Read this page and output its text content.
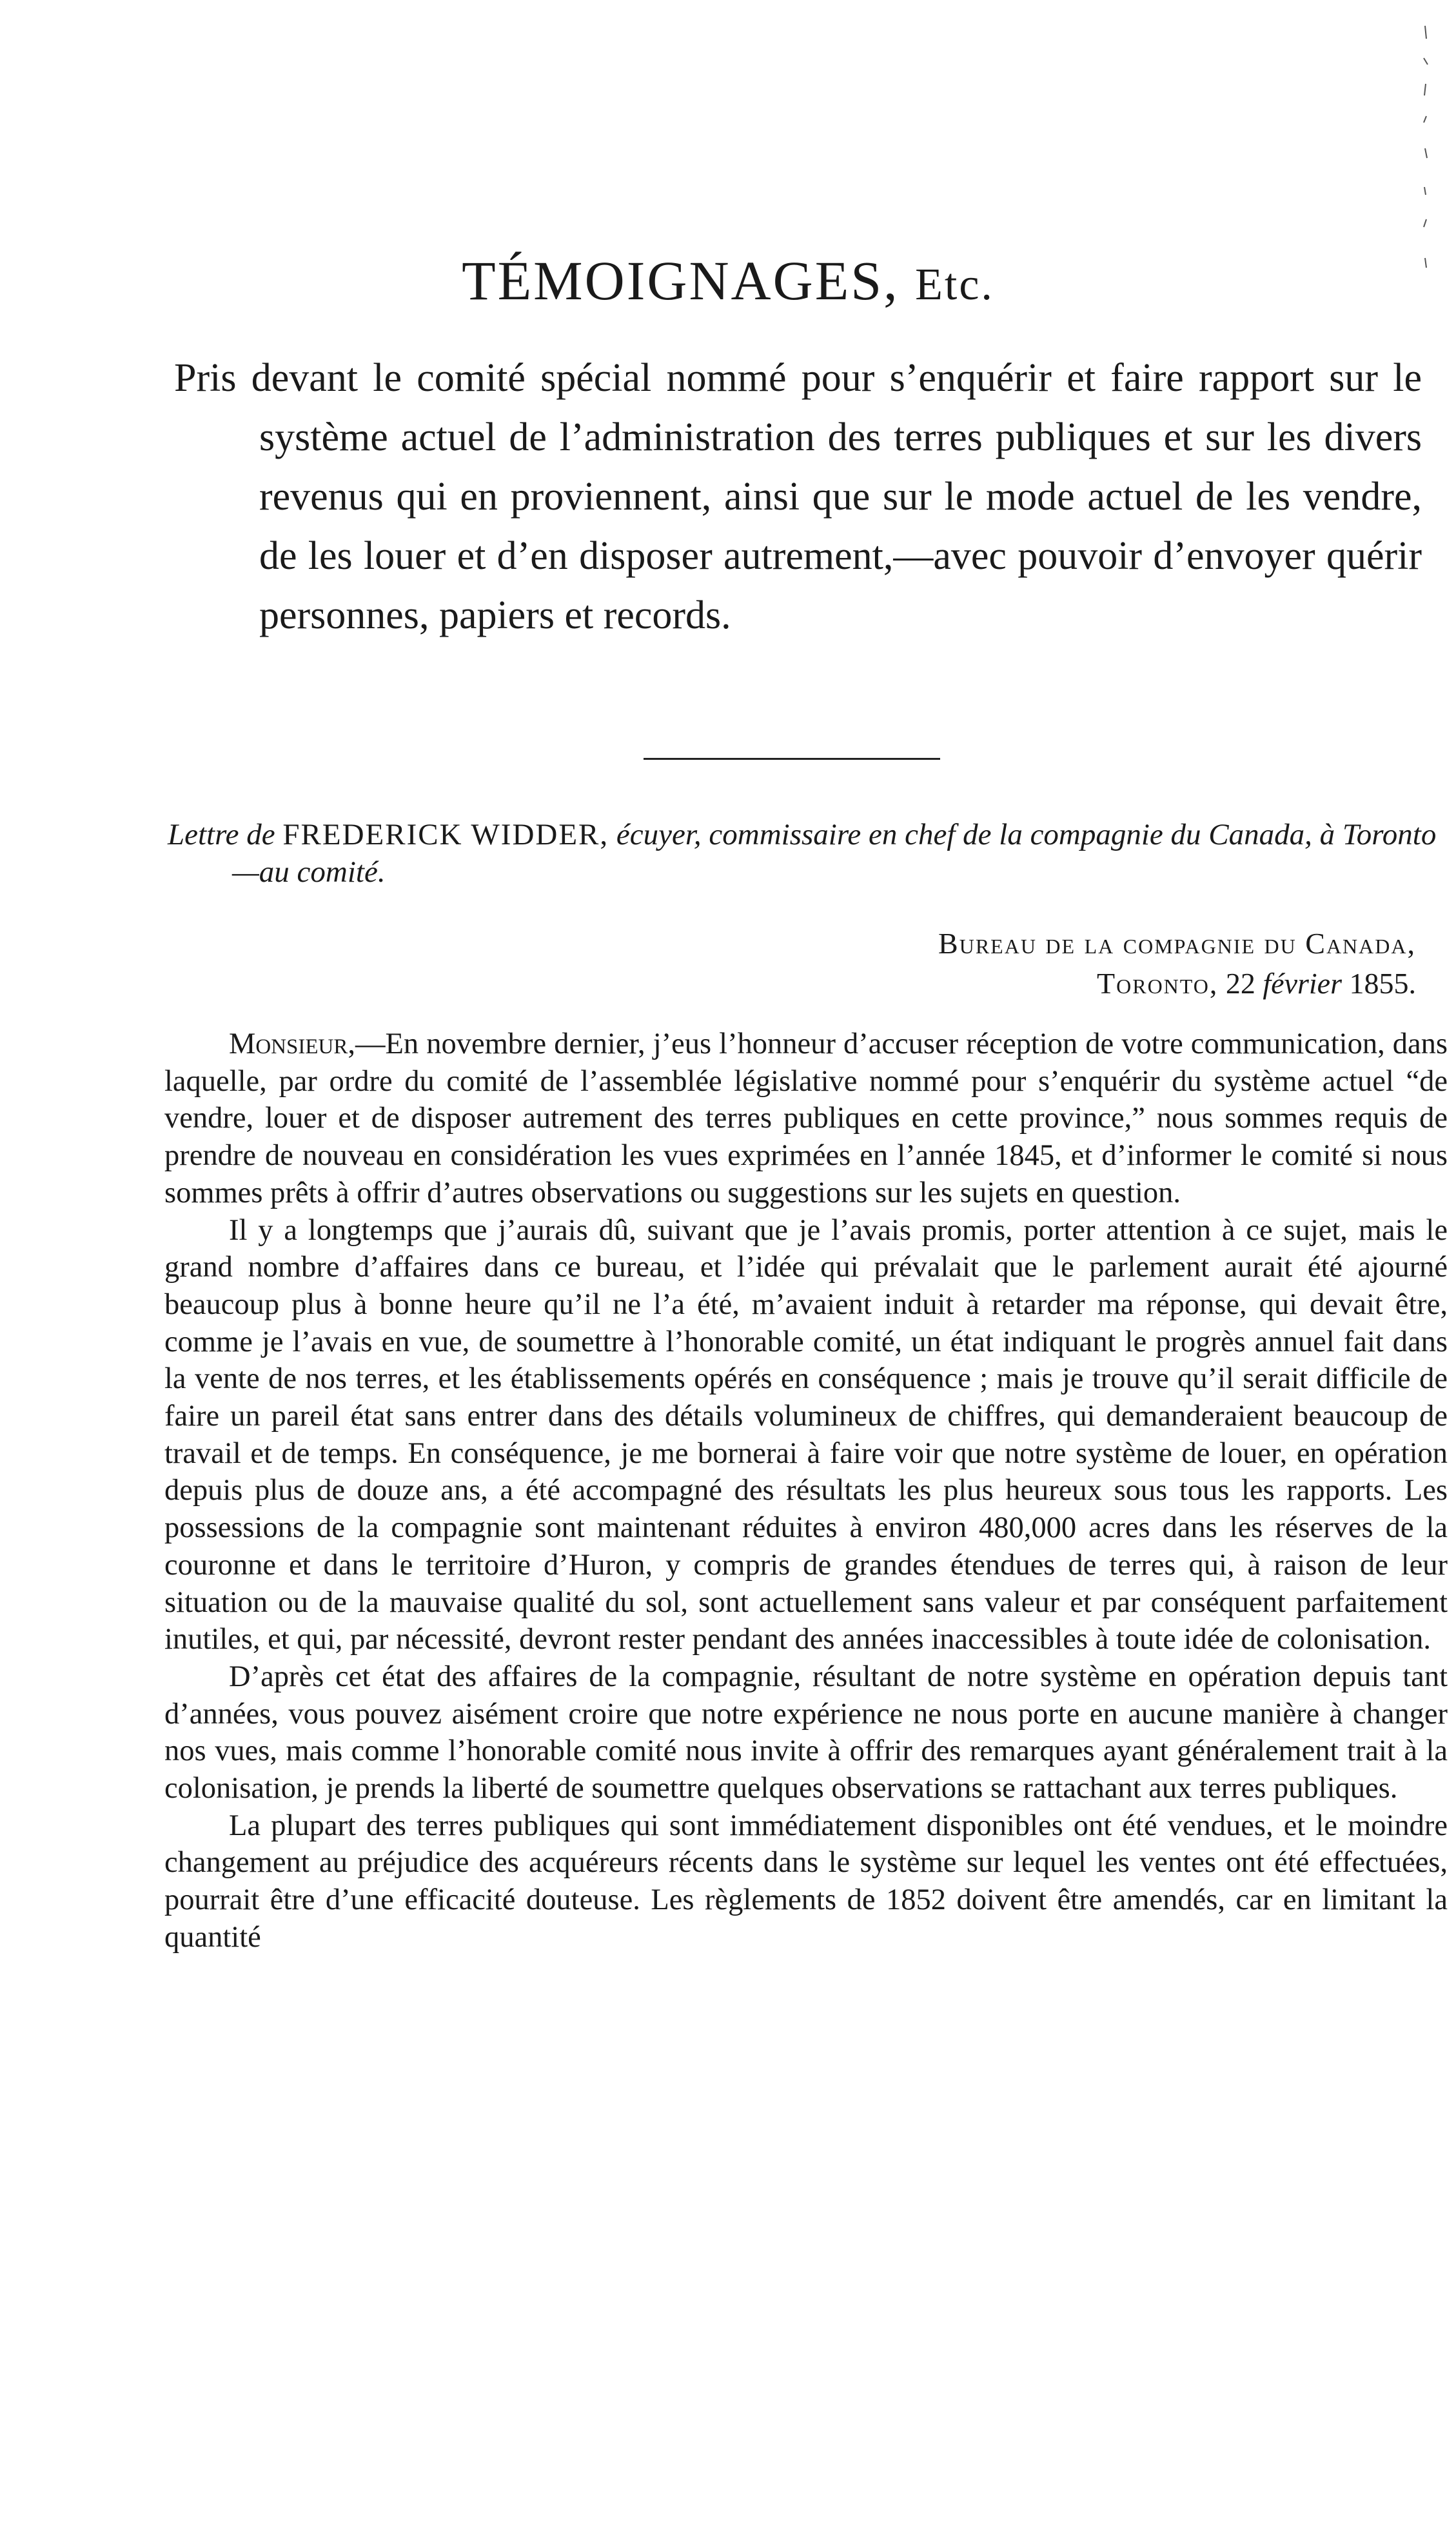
TÉMOIGNAGES, Etc.

Pris devant le comité spécial nommé pour s’enquérir et faire rapport sur le système actuel de l’administration des terres publiques et sur les divers revenus qui en proviennent, ainsi que sur le mode actuel de les vendre, de les louer et d’en disposer autrement,—avec pouvoir d’envoyer quérir personnes, papiers et records.

Lettre de FREDERICK WIDDER, écuyer, commissaire en chef de la compagnie du Canada, à Toronto—au comité.

Bureau de la compagnie du Canada,
Toronto, 22 février 1855.

Monsieur,—En novembre dernier, j’eus l’honneur d’accuser réception de votre communication, dans laquelle, par ordre du comité de l’assemblée législative nommé pour s’enquérir du système actuel “de vendre, louer et de disposer autrement des terres publiques en cette province,” nous sommes requis de prendre de nouveau en considération les vues exprimées en l’année 1845, et d’informer le comité si nous sommes prêts à offrir d’autres observations ou suggestions sur les sujets en question.

Il y a longtemps que j’aurais dû, suivant que je l’avais promis, porter attention à ce sujet, mais le grand nombre d’affaires dans ce bureau, et l’idée qui prévalait que le parlement aurait été ajourné beaucoup plus à bonne heure qu’il ne l’a été, m’avaient induit à retarder ma réponse, qui devait être, comme je l’avais en vue, de soumettre à l’honorable comité, un état indiquant le progrès annuel fait dans la vente de nos terres, et les établissements opérés en conséquence ; mais je trouve qu’il serait difficile de faire un pareil état sans entrer dans des détails volumineux de chiffres, qui demanderaient beaucoup de travail et de temps. En conséquence, je me bornerai à faire voir que notre système de louer, en opération depuis plus de douze ans, a été accompagné des résultats les plus heureux sous tous les rapports. Les possessions de la compagnie sont maintenant réduites à environ 480,000 acres dans les réserves de la couronne et dans le territoire d’Huron, y compris de grandes étendues de terres qui, à raison de leur situation ou de la mauvaise qualité du sol, sont actuellement sans valeur et par conséquent parfaitement inutiles, et qui, par nécessité, devront rester pendant des années inaccessibles à toute idée de colonisation.

D’après cet état des affaires de la compagnie, résultant de notre système en opération depuis tant d’années, vous pouvez aisément croire que notre expérience ne nous porte en aucune manière à changer nos vues, mais comme l’honorable comité nous invite à offrir des remarques ayant généralement trait à la colonisation, je prends la liberté de soumettre quelques observations se rattachant aux terres publiques.

La plupart des terres publiques qui sont immédiatement disponibles ont été vendues, et le moindre changement au préjudice des acquéreurs récents dans le système sur lequel les ventes ont été effectuées, pourrait être d’une efficacité douteuse. Les règlements de 1852 doivent être amendés, car en limitant la quantité
